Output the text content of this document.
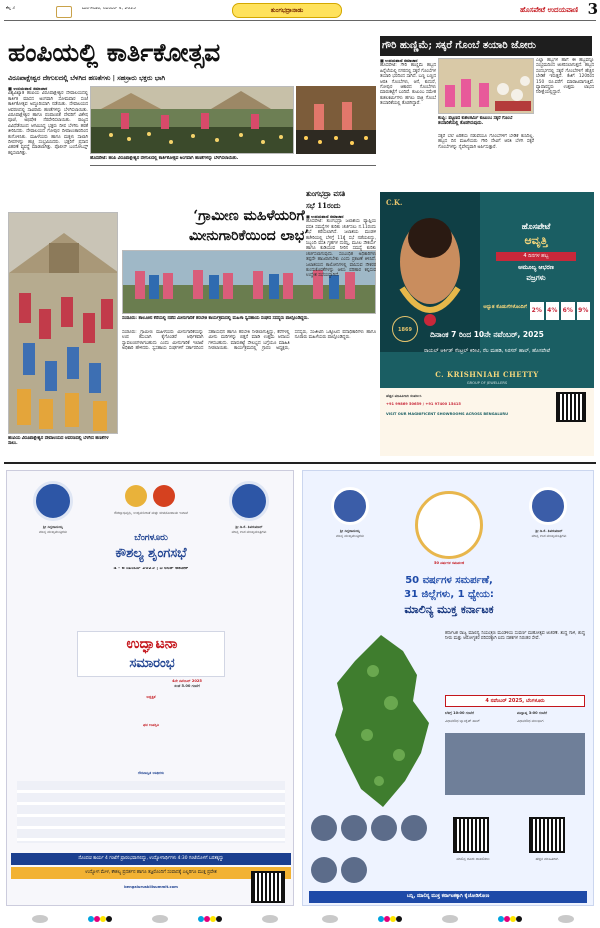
ಕೆಲ್ನ 3	ಮಂಗಳವಾರ, ನವೆಂಬರ್ 4, 2025	ತುಂಗಭದ್ರಾನಾಡು	ಹೊಸಪೇಟೆ ಉದಯವಾಣಿ 3
ಹಂಪಿಯಲ್ಲಿ ಕಾರ್ತಿಕೋತ್ಸವ
ವಿರೂಪಾಕ್ಷೇಶ್ವರ ದೇಗುಲದಲ್ಲಿ ಬೆಳಗಿದ ಹಣತೆಗಳು | ಸಹಸ್ರಾರು ಭಕ್ತರು ಭಾಗಿ
■ ಉದಯವಾಣಿ ಸಮಾಚಾರ
ವಿಶ್ವವಿಖ್ಯಾತ ಹಂಪಿಯ ವಿರೂಪಾಕ್ಷೇಶ್ವರ ದೇವಾಲಯದಲ್ಲಿ ಕಾರ್ತಿಕ ಮಾಸದ ಅಂಗವಾಗಿ ಸೋಮವಾರ ಸಂಜೆ ಕಾರ್ತಿಕೋತ್ಸವ ಅದ್ದೂರಿಯಾಗಿ ನಡೆಯಿತು. ದೇವಾಲಯದ ಆವರಣದಲ್ಲಿ ಸಾವಿರಾರು ಹಣತೆಗಳನ್ನು ಬೆಳಗಿಸಲಾಯಿತು. ವಿರೂಪಾಕ್ಷೇಶ್ವರ ಹಾಗೂ ಪಂಪಾಂಬಿಕೆ ದೇವರಿಗೆ ವಿಶೇಷ ಪೂಜೆ, ಅಭಿಷೇಕ ನೆರವೇರಿಸಲಾಯಿತು. ರಾಜ್ಯದ ವಿವಿಧೆಡೆಯಿಂದ ಆಗಮಿಸಿದ್ದ ಭಕ್ತರು ದೀಪ ಬೆಳಗಿಸಿ ಹರಕೆ ತೀರಿಸಿದರು. ದೇವಾಲಯದ ಗೋಪುರ ದೀಪಾಲಂಕಾರದಿಂದ ಕಂಗೊಳಿಸಿತು. ಮಹಿಳೆಯರು ಹಾಗೂ ಮಕ್ಕಳು ಸಾಲಾಗಿ ದೀಪಗಳನ್ನು ಹಚ್ಚಿ ಸಂಭ್ರಮಿಸಿದರು. ಭಕ್ತರಿಗೆ ಪ್ರಸಾದ ವಿತರಣೆ ವ್ಯವಸ್ಥೆ ಮಾಡಲಾಗಿತ್ತು. ಪೊಲೀಸ್ ಬಂದೋಬಸ್ತ್ ಕಲ್ಪಿಸಲಾಗಿತ್ತು.
ಹೊಸಪೇಟೆ: ಹಂಪಿ ವಿರೂಪಾಕ್ಷೇಶ್ವರ ದೇಗುಲದಲ್ಲಿ ಕಾರ್ತಿಕೋತ್ಸವ ಅಂಗವಾಗಿ ಹಣತೆಗಳನ್ನು ಬೆಳಗಿಸಲಾಯಿತು.
ಹಂಪಿಯ ವಿರೂಪಾಕ್ಷೇಶ್ವರ ದೇವಾಲಯದ ಆವರಣದಲ್ಲಿ ಬೆಳಗಿದ ಹಣತೆಗಳ ಸಾಲು.
‘ಗ್ರಾಮೀಣ ಮಹಿಳೆಯರಿಗೆ
ಮೀನುಗಾರಿಕೆಯಿಂದ ಲಾಭ’
ಸಂಡೂರು: ತಾಲೂಕಿನ ಕೆರೆಯಲ್ಲಿ ನಡೆದ ಮೀನುಗಾರಿಕೆ ತರಬೇತಿ ಕಾರ್ಯಕ್ರಮದಲ್ಲಿ ಮಹಿಳಾ ಸ್ವಸಹಾಯ ಸಂಘದ ಸದಸ್ಯರು ಪಾಲ್ಗೊಂಡಿದ್ದರು.
ಸಂಡೂರು: ಗ್ರಾಮೀಣ ಮಹಿಳೆಯರು ಮೀನುಗಾರಿಕೆಯನ್ನು ಉಪ ಕಸುಬಾಗಿ ಕೈಗೊಂಡರೆ ಆರ್ಥಿಕವಾಗಿ ಸ್ವಾವಲಂಬಿಗಳಾಗಬಹುದು ಎಂದು ಮೀನುಗಾರಿಕೆ ಇಲಾಖೆ ಅಧಿಕಾರಿ ಹೇಳಿದರು. ಸ್ವಸಹಾಯ ಸಂಘಗಳಿಗೆ ಸರ್ಕಾರದಿಂದ ಸಹಾಯಧನ ಹಾಗೂ ತರಬೇತಿ ನೀಡಲಾಗುತ್ತಿದ್ದು, ಕೆರೆಗಳಲ್ಲಿ ಮೀನು ಮರಿಗಳನ್ನು ಬಿತ್ತನೆ ಮಾಡಿ ಉತ್ತಮ ಆದಾಯ ಗಳಿಸಬಹುದು. ಮಾರುಕಟ್ಟೆ ಸೌಲಭ್ಯದ ಬಗ್ಗೆಯೂ ಮಾಹಿತಿ ನೀಡಲಾಯಿತು. ಕಾರ್ಯಕ್ರಮದಲ್ಲಿ ಗ್ರಾಪಂ ಅಧ್ಯಕ್ಷರು, ಸದಸ್ಯರು, ಸಂಜೀವಿನಿ ಒಕ್ಕೂಟದ ಪದಾಧಿಕಾರಿಗಳು ಹಾಗೂ ನೂರಾರು ಮಹಿಳೆಯರು ಪಾಲ್ಗೊಂಡಿದ್ದರು.
ಗೌರಿ ಹುಣ್ಣಿಮೆ; ಸಕ್ಕರೆ ಗೊಂಬೆ ತಯಾರಿ ಜೋರು
■ ಉದಯವಾಣಿ ಸಮಾಚಾರ
ಹೊಸಪೇಟೆ: ಗೌರಿ ಹುಣ್ಣಿಮೆ ಹಬ್ಬದ ಹಿನ್ನೆಲೆಯಲ್ಲಿ ನಗರದಲ್ಲಿ ಸಕ್ಕರೆ ಗೊಂಬೆಗಳ ತಯಾರಿ ಭರದಿಂದ ಸಾಗಿದೆ. ಬಣ್ಣ ಬಣ್ಣದ ಆರತಿ ಗೊಂಬೆಗಳು, ಆನೆ, ಕುದುರೆ, ಗೋಪುರ ಆಕಾರದ ಗೊಂಬೆಗಳು ಮಾರುಕಟ್ಟೆಗೆ ಬಂದಿವೆ. ಕುಟುಂಬ ಸಮೇತ ಕುಶಲಕರ್ಮಿಗಳು ಹಗಲು ರಾತ್ರಿ ಗೊಂಬೆ ತಯಾರಿಕೆಯಲ್ಲಿ ತೊಡಗಿದ್ದಾರೆ.
ಎಲ್ಲಾ ಹಬ್ಬಗಳ ಹಾಗೆ ಈ ಹಬ್ಬವನ್ನೂ ಸಂಭ್ರಮದಿಂದ ಆಚರಿಸಲಾಗುತ್ತದೆ. ಹಬ್ಬದ ಸಂದರ್ಭದಲ್ಲಿ ಸಕ್ಕರೆ ಗೊಂಬೆಗಳಿಗೆ ಹೆಚ್ಚಿನ ಬೇಡಿಕೆ ಇರುತ್ತದೆ. ಕೆಜಿಗೆ 120ರಿಂದ 150 ರೂ.ವರೆಗೆ ಮಾರಾಟವಾಗುತ್ತಿವೆ. ವ್ಯಾಪಾರಸ್ಥರು ಉತ್ತಮ ಲಾಭದ ನಿರೀಕ್ಷೆಯಲ್ಲಿದ್ದಾರೆ.
ಕಂಪ್ಲಿ: ಪಟ್ಟಣದ ಕುಶಲಕರ್ಮಿ ಕುಟುಂಬ ಸಕ್ಕರೆ ಗೊಂಬೆ ತಯಾರಿಕೆಯಲ್ಲಿ ತೊಡಗಿರುವುದು.
ಸಕ್ಕರೆ ಬೆಲೆ ಏರಿಕೆಯ ನಡುವೆಯೂ ಗೊಂಬೆಗಳಿಗೆ ಬೇಡಿಕೆ ಕುಸಿದಿಲ್ಲ. ಹಬ್ಬದ ದಿನ ಮಹಿಳೆಯರು ಗೌರಿ ದೇವಿಗೆ ಆರತಿ ಬೆಳಗಿ ಸಕ್ಕರೆ ಗೊಂಬೆಗಳನ್ನು ನೈವೇದ್ಯವಾಗಿ ಅರ್ಪಿಸುತ್ತಾರೆ.
ತುಂಗಭದ್ರಾ ವಸತಿ
ಸಭೆ 11ರಂದು
■ ಉದಯವಾಣಿ ಸಮಾಚಾರ
ಹೊಸಪೇಟೆ: ತುಂಗಭದ್ರಾ ಜಲಾಶಯ ವ್ಯಾಪ್ತಿಯ ವಸತಿ ಸಮಸ್ಯೆಗಳ ಕುರಿತು ಚರ್ಚಿಸಲು ನ.11ರಂದು ಸಭೆ ಕರೆಯಲಾಗಿದೆ. ಜಲಾಶಯ ಮಂಡಳಿ ಕಚೇರಿಯಲ್ಲಿ ಬೆಳಗ್ಗೆ 11ಕ್ಕೆ ಸಭೆ ನಡೆಯಲಿದ್ದು, ಸಿಬ್ಬಂದಿ ವಸತಿ ಗೃಹಗಳ ದುರಸ್ತಿ, ಮೂಲ ಸೌಕರ್ಯ ಹಾಗೂ ಕುಡಿಯುವ ನೀರಿನ ಸಮಸ್ಯೆ ಕುರಿತು ಚರ್ಚಿಸಲಾಗುವುದು. ಸಂಬಂಧಿತ ಅಧಿಕಾರಿಗಳು ತಪ್ಪದೇ ಹಾಜರಾಗಬೇಕು ಎಂದು ಪ್ರಕಟಣೆ ತಿಳಿಸಿದೆ. ಜಲಾಶಯದ ಕಾಲೋನಿಗಳಲ್ಲಿ ವಾಸಿಸುವ ನೌಕರರ ಕುಂದುಕೊರತೆಗಳನ್ನು ಆಲಿಸಿ ಪರಿಹಾರ ಕಲ್ಪಿಸುವ ಉದ್ದೇಶ ಸಭೆಯದ್ದಾಗಿದೆ.
C.K.
1869
ಹೊಸಪೇಟೆ
ಆವೃತ್ತಿ
4 ದಿನಗಳ ಹಬ್ಬ
ಅಮೂಲ್ಯ ಆಭರಣ
ವಜ್ರಗಳು
ಅದ್ಭುತ ಕೊಡುಗೆಗಳೊಂದಿಗೆ 2% 4% 6% 9%
ದಿನಾಂಕ 7 ರಿಂದ 10ನೇ ನವೆಂಬರ್, 2025
ರಾಯಲ್ ಆರ್ಕಿಡ್ ಸೆಂಟ್ರಲ್ ಕಿರೀಟಿ, ನೆಲ ಮಹಡಿ, ಸಿರಸನ್ ಹಾಲ್, ಹೊಸಪೇಟೆ
C. KRISHNIAH CHETTY
GROUP OF JEWELLERS
ಹೆಚ್ಚಿನ ಮಾಹಿತಿಗಾಗಿ ಸಂಪರ್ಕಿಸಿ
+91 99869 50659 / +91 97400 15415
VISIT OUR MAGNIFICENT SHOWROOMS ACROSS BENGALURU
ಶ್ರೀ ಸಿದ್ದರಾಮಯ್ಯ
ಮಾನ್ಯ ಮುಖ್ಯಮಂತ್ರಿಗಳು
ಶ್ರೀ ಡಿ.ಕೆ. ಶಿವಕುಮಾರ್
ಮಾನ್ಯ ಉಪ ಮುಖ್ಯಮಂತ್ರಿಗಳು
ಕೌಶಲ್ಯಾಭಿವೃದ್ಧಿ, ಉದ್ಯಮಶೀಲತೆ ಮತ್ತು ಜೀವನೋಪಾಯ ಇಲಾಖೆ
ಬೆಂಗಳೂರು
ಕೌಶಲ್ಯ ಶೃಂಗಸಭೆ
4 - 6 ನವೆಂಬರ್ 2025 | ದಿ ಲಲಿತ್ ಅಶೋಕ್
ಉದ್ಘಾಟನಾ
ಸಮಾರಂಭ
4ನೇ ನವೆಂಬರ್ 2025
ಸಂಜೆ 5.00 ಗಂಟೆಗೆ
ಅಧ್ಯಕ್ಷತೆ
ಘನ ಉಪಸ್ಥಿತಿ
ಗೌರವಾನ್ವಿತ ಅತಿಥಿಗಳು
ನೊಂದಣಿ ಕಾರ್ಯ 4 ಗಂಟೆಗೆ ಪ್ರಾರಂಭವಾಗಲಿದ್ದು, ಉದ್ಯೋಗಾರ್ಥಿಗಳು 4:30 ಗಂಟೆಯೊಳಗೆ ಬರತಕ್ಕದ್ದು
ಉದ್ಯೋಗ ಮೇಳ, ಕೌಶಲ್ಯ ಪ್ರದರ್ಶನ ಹಾಗೂ ತಜ್ಞರೊಂದಿಗೆ ಸಂವಾದಕ್ಕೆ ಎಲ್ಲರಿಗೂ ಮುಕ್ತ ಪ್ರವೇಶ
bengaluruskillsummit.com
ಶ್ರೀ ಸಿದ್ದರಾಮಯ್ಯ
ಮಾನ್ಯ ಮುಖ್ಯಮಂತ್ರಿಗಳು
ಶ್ರೀ ಡಿ.ಕೆ. ಶಿವಕುಮಾರ್
ಮಾನ್ಯ ಉಪ ಮುಖ್ಯಮಂತ್ರಿಗಳು
50 ವರ್ಷಗಳ ಸಮರ್ಪಣೆ
50 ವರ್ಷಗಳ ಸಮರ್ಪಣೆ,
31 ಜಿಲ್ಲೆಗಳು, 1 ಧ್ಯೇಯ:
ಮಾಲಿನ್ಯ ಮುಕ್ತ ಕರ್ನಾಟಕ
ಕರ್ನಾಟಕ ರಾಜ್ಯ ಮಾಲಿನ್ಯ ನಿಯಂತ್ರಣ ಮಂಡಳಿಯ ಸುವರ್ಣ ಮಹೋತ್ಸವ ಆಚರಣೆ. ಶುದ್ಧ ಗಾಳಿ, ಶುದ್ಧ ನೀರು ಮತ್ತು ಆರೋಗ್ಯಕರ ಪರಿಸರಕ್ಕಾಗಿ ಐದು ದಶಕಗಳ ನಿರಂತರ ಸೇವೆ.
4 ನವೆಂಬರ್ 2025, ಬೆಂಗಳೂರು
ಬೆಳಿಗ್ಗೆ 10:00 ಗಂಟೆಗೆ	ಮಧ್ಯಾಹ್ನ 3:00 ಗಂಟೆಗೆ
ವಿಧಾನಸೌಧ ಬ್ಯಾಂಕ್ವೆಟ್ ಹಾಲ್	ವಿಧಾನಸೌಧ ಮುಂಭಾಗ
ಮಾಲಿನ್ಯ ದೂರು ದಾಖಲಿಸಲು	ಹೆಚ್ಚಿನ ಮಾಹಿತಿಗಾಗಿ
ಬನ್ನಿ, ಮಾಲಿನ್ಯ ಮುಕ್ತ ಕರ್ನಾಟಕಕ್ಕಾಗಿ ಕೈಜೋಡಿಸೋಣ
